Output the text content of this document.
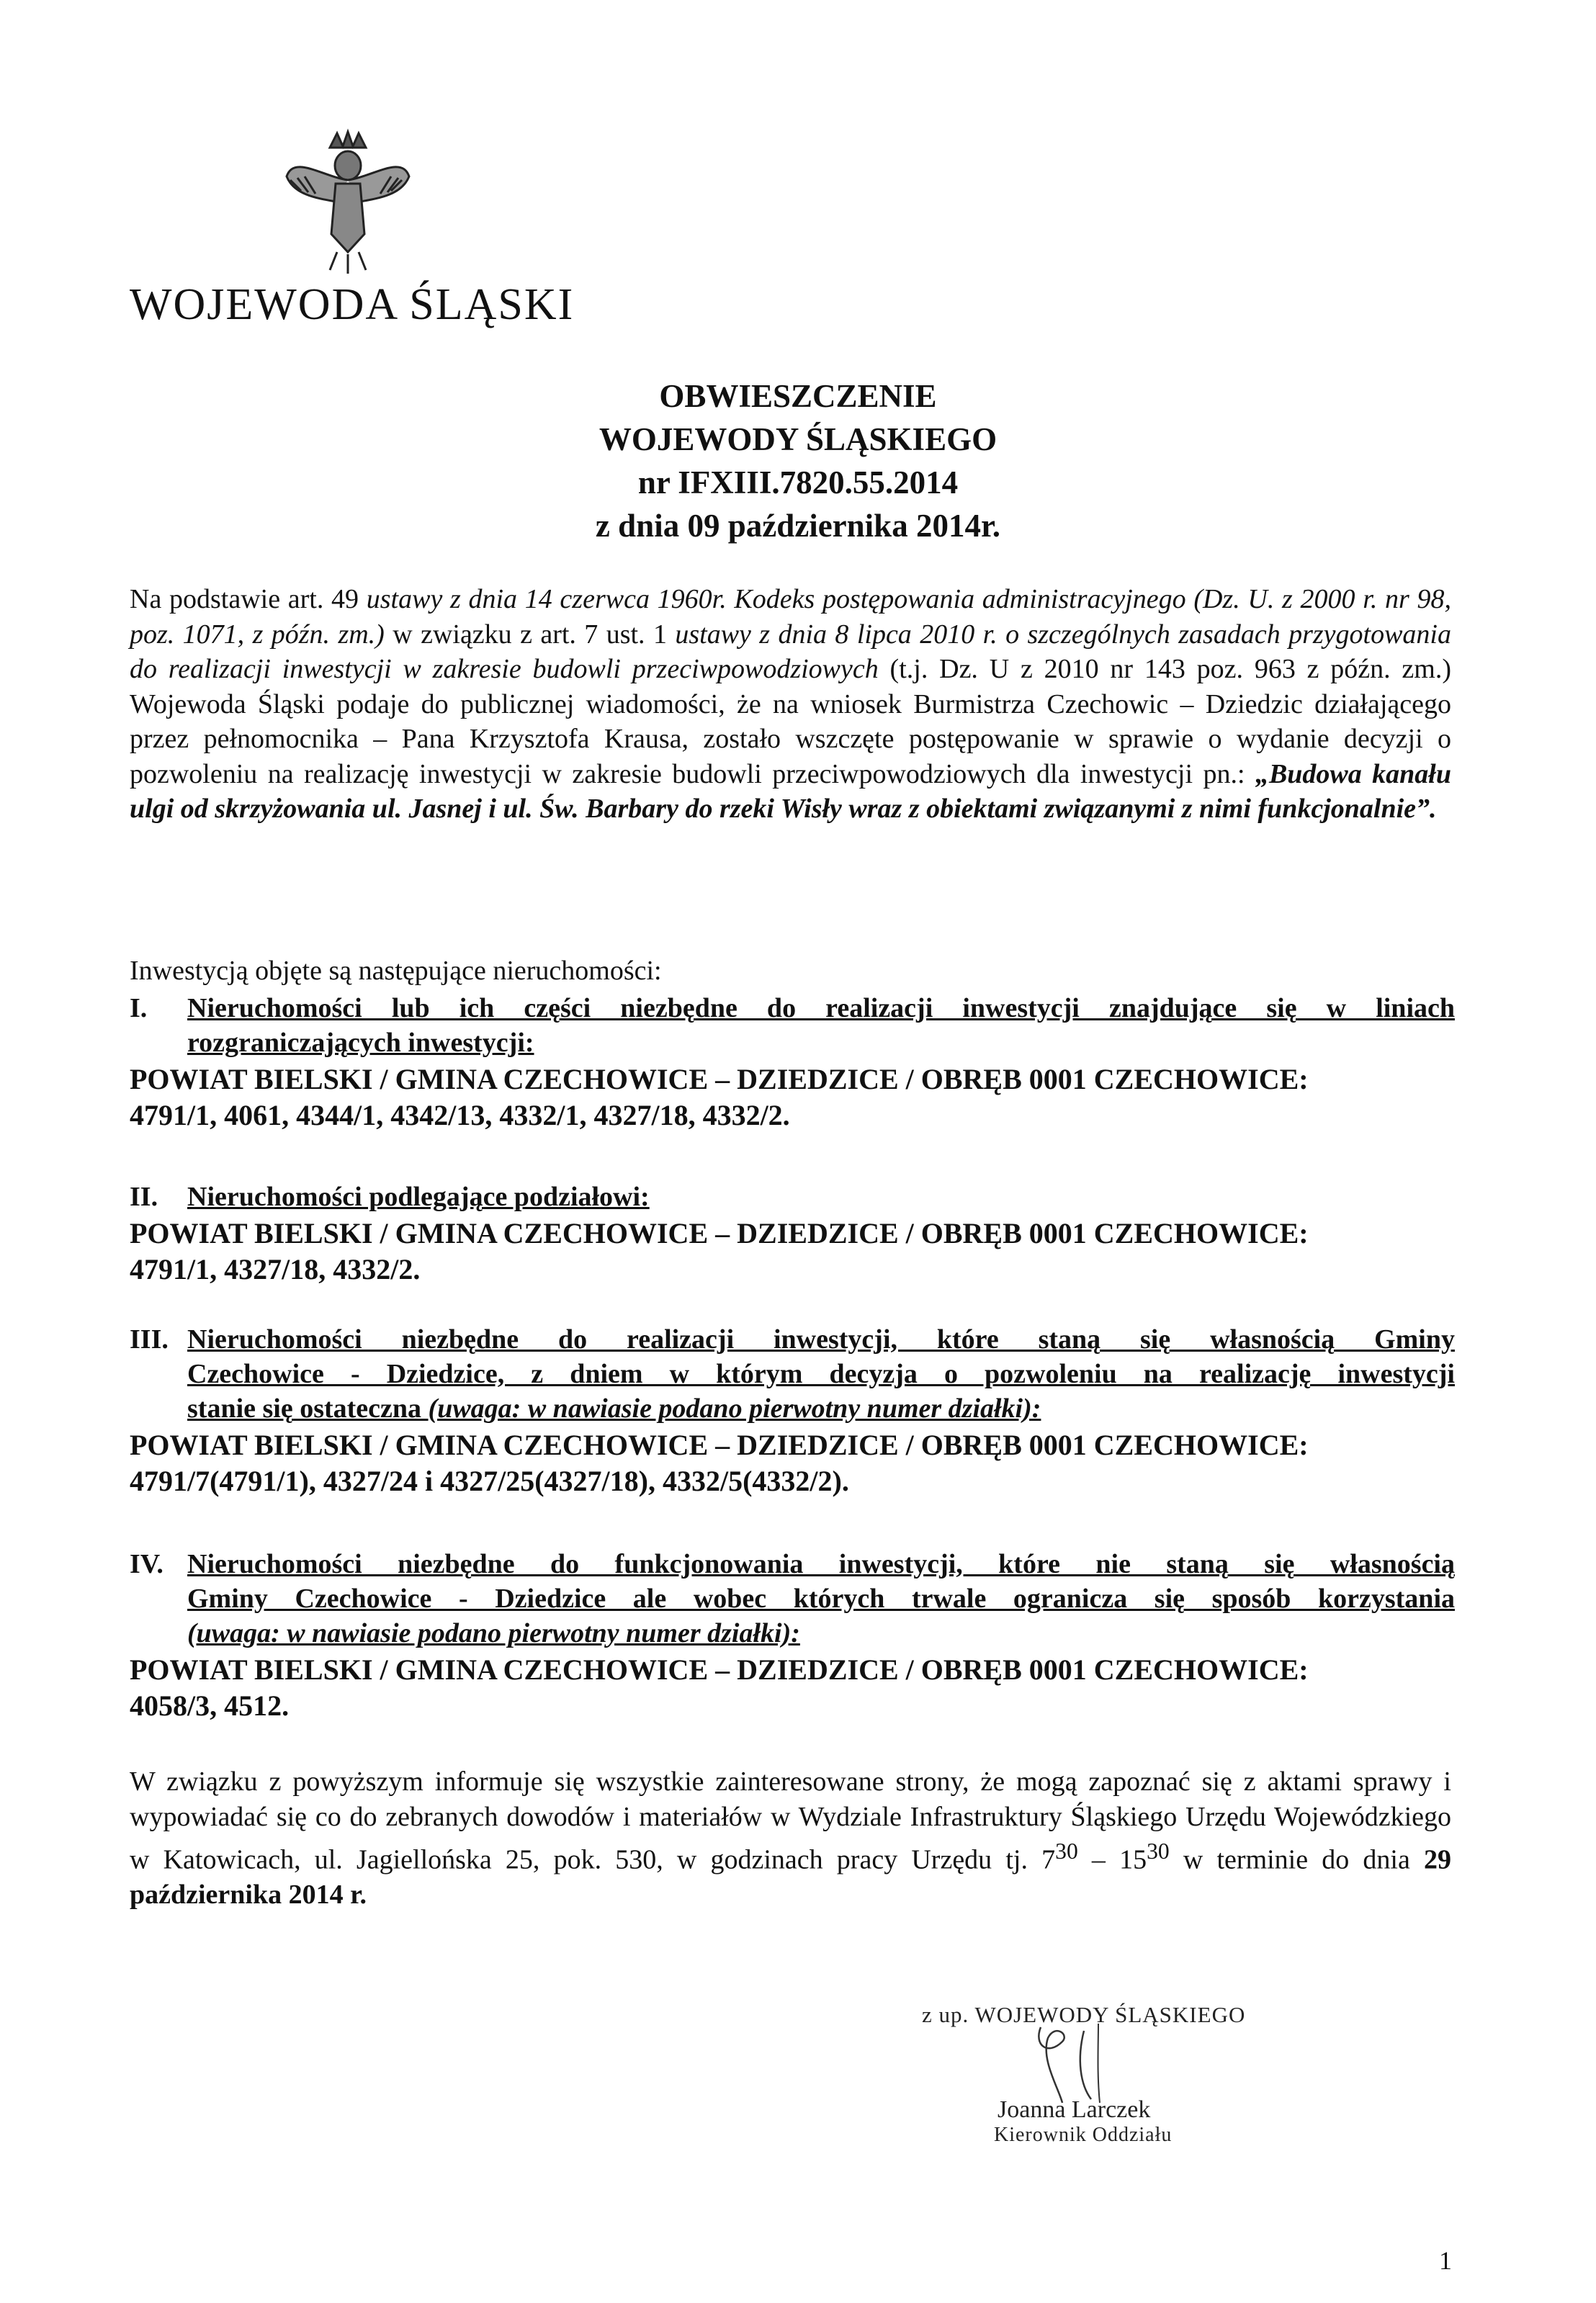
WOJEWODA ŚLĄSKI
OBWIESZCZENIE
WOJEWODY ŚLĄSKIEGO
nr IFXIII.7820.55.2014
z dnia 09 października 2014r.
Na podstawie art. 49 ustawy z dnia 14 czerwca 1960r. Kodeks postępowania administracyjnego (Dz. U. z 2000 r. nr 98, poz. 1071, z późn. zm.) w związku z art. 7 ust. 1 ustawy z dnia 8 lipca 2010 r. o szczególnych zasadach przygotowania do realizacji inwestycji w zakresie budowli przeciwpowodziowych (t.j. Dz. U z 2010 nr 143 poz. 963 z późn. zm.) Wojewoda Śląski podaje do publicznej wiadomości, że na wniosek Burmistrza Czechowic – Dziedzic działającego przez pełnomocnika – Pana Krzysztofa Krausa, zostało wszczęte postępowanie w sprawie o wydanie decyzji o pozwoleniu na realizację inwestycji w zakresie budowli przeciwpowodziowych dla inwestycji pn.: „Budowa kanału ulgi od skrzyżowania ul. Jasnej i ul. Św. Barbary do rzeki Wisły wraz z obiektami związanymi z nimi funkcjonalnie”.
Inwestycją objęte są następujące nieruchomości:
I. Nieruchomości lub ich części niezbędne do realizacji inwestycji znajdujące się w liniach
rozgraniczających inwestycji:
POWIAT BIELSKI / GMINA CZECHOWICE – DZIEDZICE / OBRĘB 0001 CZECHOWICE:
4791/1, 4061, 4344/1, 4342/13, 4332/1, 4327/18, 4332/2.
II. Nieruchomości podlegające podziałowi:
POWIAT BIELSKI / GMINA CZECHOWICE – DZIEDZICE / OBRĘB 0001 CZECHOWICE:
4791/1, 4327/18, 4332/2.
III. Nieruchomości niezbędne do realizacji inwestycji, które staną się własnością Gminy
Czechowice - Dziedzice, z dniem w którym decyzja o pozwoleniu na realizację inwestycji
stanie się ostateczna (uwaga: w nawiasie podano pierwotny numer działki):
POWIAT BIELSKI / GMINA CZECHOWICE – DZIEDZICE / OBRĘB 0001 CZECHOWICE:
4791/7(4791/1), 4327/24 i 4327/25(4327/18), 4332/5(4332/2).
IV. Nieruchomości niezbędne do funkcjonowania inwestycji, które nie staną się własnością
Gminy Czechowice - Dziedzice ale wobec których trwale ogranicza się sposób korzystania
(uwaga: w nawiasie podano pierwotny numer działki):
POWIAT BIELSKI / GMINA CZECHOWICE – DZIEDZICE / OBRĘB 0001 CZECHOWICE:
4058/3, 4512.
W związku z powyższym informuje się wszystkie zainteresowane strony, że mogą zapoznać się z aktami sprawy i wypowiadać się co do zebranych dowodów i materiałów w Wydziale Infrastruktury Śląskiego Urzędu Wojewódzkiego w Katowicach, ul. Jagiellońska 25, pok. 530, w godzinach pracy Urzędu tj. $7^{30} - 15^{30}$ w terminie do dnia 29 października 2014 r.
z up. WOJEWODY ŚLĄSKIEGO
Joanna Larczek
Kierownik Oddziału
1
